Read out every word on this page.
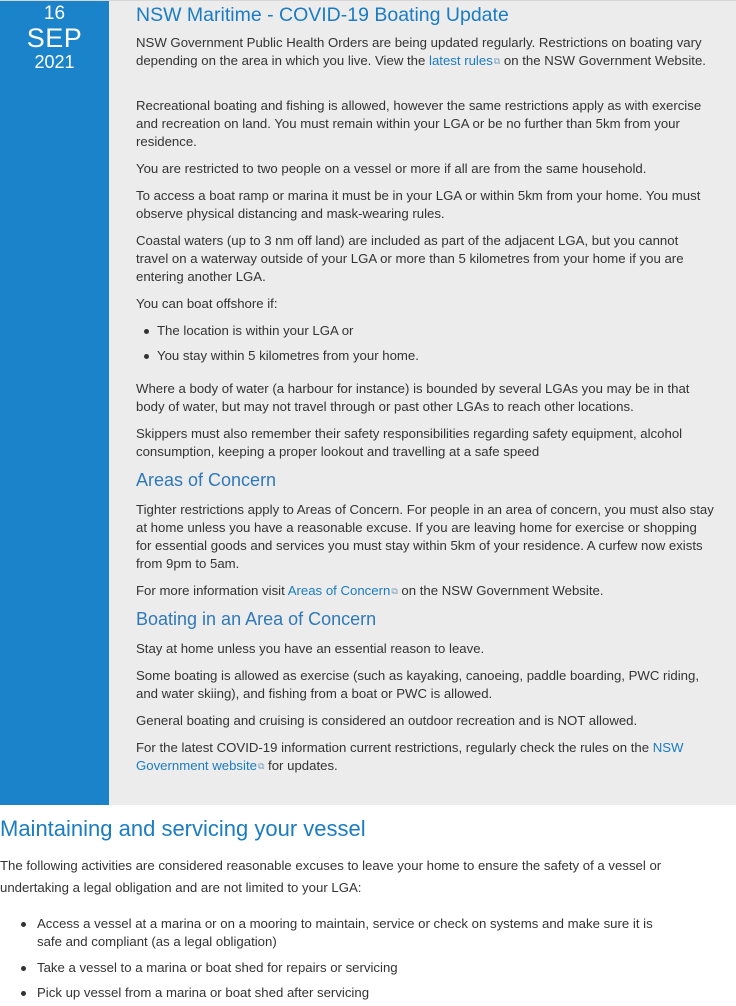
16
SEP
2021
NSW Maritime - COVID-19 Boating Update

NSW Government Public Health Orders are being updated regularly. Restrictions on boating vary depending on the area in which you live. View the latest rules⧉ on the NSW Government Website.

Recreational boating and fishing is allowed, however the same restrictions apply as with exercise and recreation on land. You must remain within your LGA or be no further than 5km from your residence.

You are restricted to two people on a vessel or more if all are from the same household.

To access a boat ramp or marina it must be in your LGA or within 5km from your home. You must observe physical distancing and mask-wearing rules.

Coastal waters (up to 3 nm off land) are included as part of the adjacent LGA, but you cannot travel on a waterway outside of your LGA or more than 5 kilometres from your home if you are entering another LGA.

You can boat offshore if:

The location is within your LGA or
You stay within 5 kilometres from your home.

Where a body of water (a harbour for instance) is bounded by several LGAs you may be in that body of water, but may not travel through or past other LGAs to reach other locations.

Skippers must also remember their safety responsibilities regarding safety equipment, alcohol consumption, keeping a proper lookout and travelling at a safe speed

Areas of Concern

Tighter restrictions apply to Areas of Concern. For people in an area of concern, you must also stay at home unless you have a reasonable excuse. If you are leaving home for exercise or shopping for essential goods and services you must stay within 5km of your residence. A curfew now exists from 9pm to 5am.

For more information visit Areas of Concern⧉ on the NSW Government Website.

Boating in an Area of Concern

Stay at home unless you have an essential reason to leave.

Some boating is allowed as exercise (such as kayaking, canoeing, paddle boarding, PWC riding, and water skiing), and fishing from a boat or PWC is allowed.

General boating and cruising is considered an outdoor recreation and is NOT allowed.

For the latest COVID-19 information current restrictions, regularly check the rules on the NSW Government website⧉ for updates.

Maintaining and servicing your vessel

The following activities are considered reasonable excuses to leave your home to ensure the safety of a vessel or undertaking a legal obligation and are not limited to your LGA:

Access a vessel at a marina or on a mooring to maintain, service or check on systems and make sure it is safe and compliant (as a legal obligation)
Take a vessel to a marina or boat shed for repairs or servicing
Pick up vessel from a marina or boat shed after servicing
